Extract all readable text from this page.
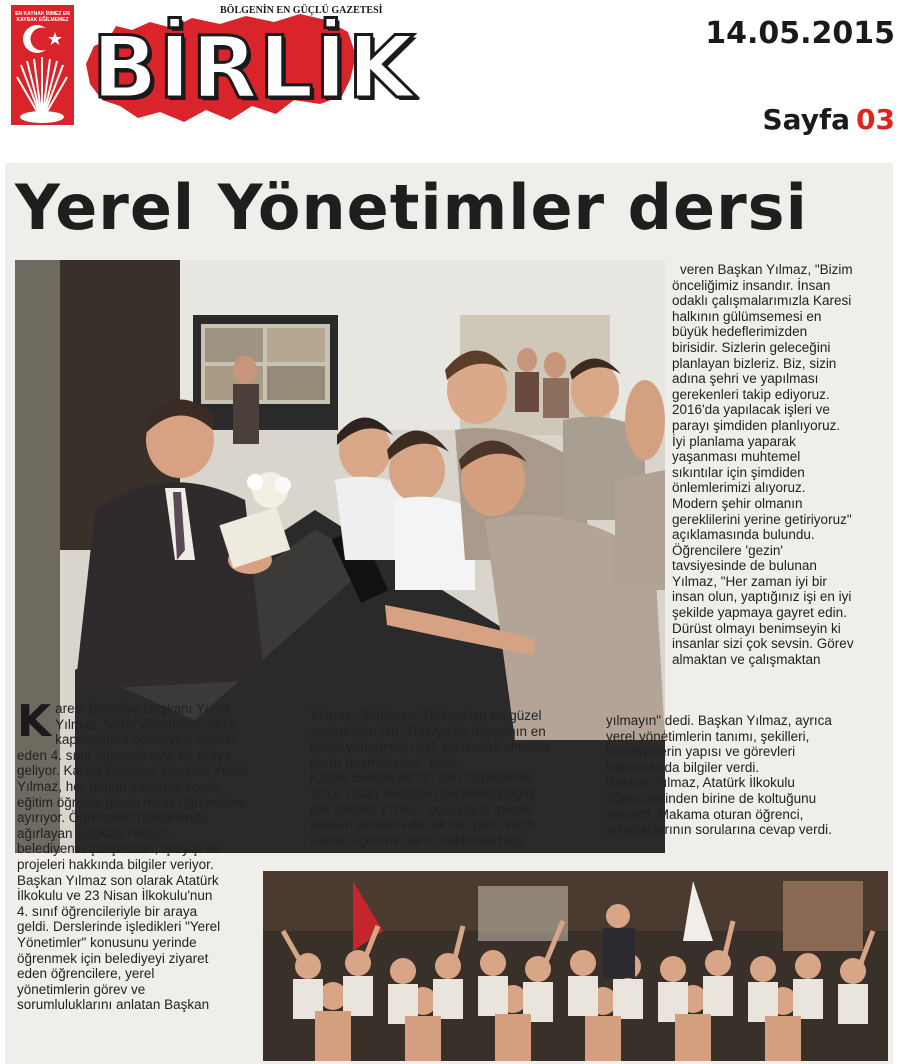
EN KAYNAK İNMEZ EN KAYBAK EĞİLMEMEZ
BÖLGENİN EN GÜÇLÜ GAZETESİ
BİRLİK	14.05.2015
Sayfa 03
Yerel Yönetimler dersi
veren Başkan Yılmaz, "Bizim
önceliğimiz insandır. İnsan
odaklı çalışmalarımızla Karesi
halkının gülümsemesi en
büyük hedeflerimizden
birisidir. Sizlerin geleceğini
planlayan bizleriz. Biz, sizin
adına şehri ve yapılması
gerekenleri takip ediyoruz.
2016'da yapılacak işleri ve
parayı şimdiden planlıyoruz.
İyi planlama yaparak
yaşanması muhtemel
sıkıntılar için şimdiden
önlemlerimizi alıyoruz.
Modern şehir olmanın
gereklilerini yerine getiriyoruz"
açıklamasında bulundu.
Öğrencilere 'gezin'
tavsiyesinde de bulunan
Yılmaz, "Her zaman iyi bir
insan olun, yaptığınız işi en iyi
şekilde yapmaya gayret edin.
Dürüst olmayı benimseyin ki
insanlar sizi çok sevsin. Görev
almaktan ve çalışmaktan
K aresi Belediye Başkanı Yücel
Yılmaz, 'yerel yönetimler' dersi
kapsamında belediyeyi ziyaret
eden 4. sınıf öğrencileriyle bir araya
geliyor. Karesi Belediye Başkanı Yücel
Yılmaz, her günün sabahını ilçede
eğitim öğretim gören minik öğrencilere
ayırıyor. Öğrencileri makamında
ağırlayan Başkan Yılmaz,
belediyenin çalışmaları, işleyişi ve
projeleri hakkında bilgiler veriyor.
Başkan Yılmaz son olarak Atatürk
İlkokulu ve 23 Nisan İlkokulu'nun
4. sınıf öğrencileriyle bir araya
geldi. Derslerinde işledikleri "Yerel
Yönetimler" konusunu yerinde
öğrenmek için belediyeyi ziyaret
eden öğrencilere, yerel
yönetimlerin görev ve
sorumluluklarını anlatan Başkan
Yılmaz, "Balıkesir, Türkiye'nin en güzel
yerlerinden biri; Türkiye'de dünyanın en
güzel yerlerinden biri. Balıkesirli olmakla
gurur duymalısınız" dedi.
Karesi Belediyesi'nin tüm hizmetlerini
'önce insan' ilkesiyle gerçekleştirdiğini
dile getiren Yılmaz, çocukların merak
ettikleri sorulara da tek tek yanıt verdi.
Karesi İlçesi'nin tarihi hakkında bilgi
yılmayın" dedi. Başkan Yılmaz, ayrıca
yerel yönetimlerin tanımı, şekilleri,
belediyelerin yapısı ve görevleri
hakkında da bilgiler verdi.
Başkan Yılmaz, Atatürk İlkokulu
öğrencilerinden birine de koltuğunu
devretti. Makama oturan öğrenci,
arkadaşlarının sorularına cevap verdi.
